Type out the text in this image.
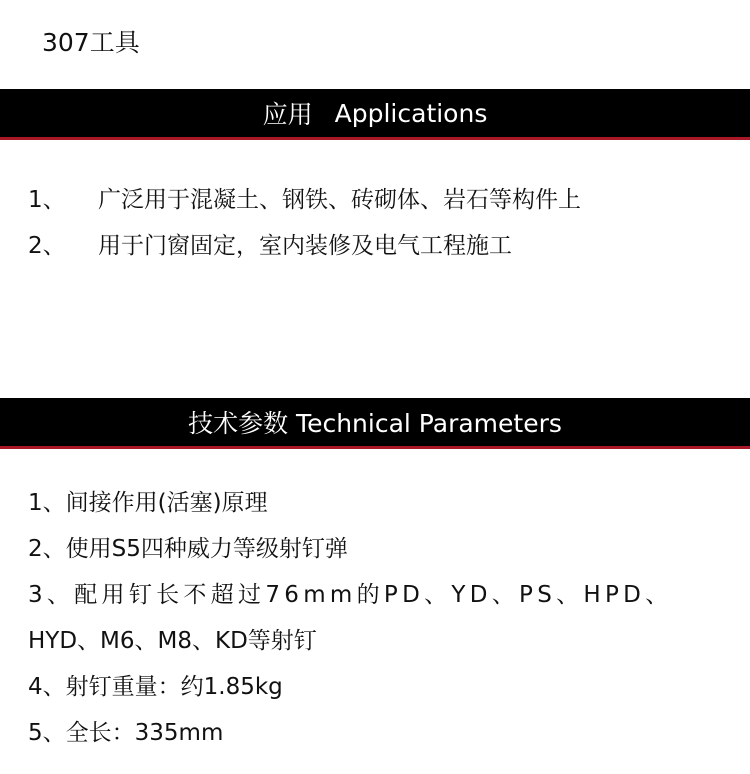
307工具
应用 Applications
1、	广泛用于混凝土、钢铁、砖砌体、岩石等构件上
2、	用于门窗固定，室内装修及电气工程施工
技术参数 Technical Parameters
1、间接作用(活塞)原理
2、使用S5四种威力等级射钉弹
3、配用钉长不超过76mm的PD、YD、PS、HPD、
HYD、M6、M8、KD等射钉
4、射钉重量：约1.85kg
5、全长：335mm
